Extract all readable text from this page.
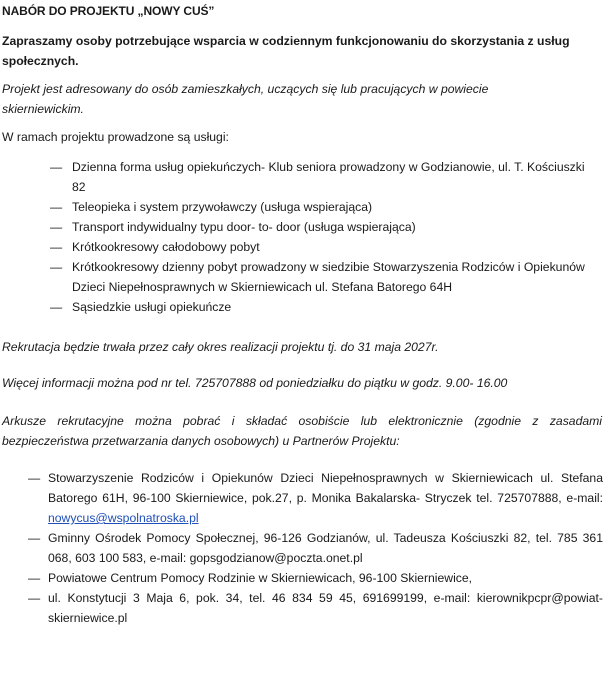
NABÓR DO PROJEKTU „NOWY CUŚ”
Zapraszamy osoby potrzebujące wsparcia w codziennym funkcjonowaniu do skorzystania z usług społecznych.
Projekt jest adresowany do osób zamieszkałych, uczących się lub pracujących w powiecie skierniewickim.
W ramach projektu prowadzone są usługi:
— Dzienna forma usług opiekuńczych- Klub seniora prowadzony w Godzianowie, ul. T. Kościuszki 82
— Teleopieka i system przywoławczy (usługa wspierająca)
— Transport indywidualny typu door- to- door (usługa wspierająca)
— Krótkookresowy całodobowy pobyt
— Krótkookresowy dzienny pobyt prowadzony w siedzibie Stowarzyszenia Rodziców i Opiekunów Dzieci Niepełnosprawnych w Skierniewicach ul. Stefana Batorego 64H
— Sąsiedzkie usługi opiekuńcze
Rekrutacja będzie trwała przez cały okres realizacji projektu tj. do 31 maja 2027r.
Więcej informacji można pod nr tel. 725707888 od poniedziałku do piątku w godz. 9.00- 16.00
Arkusze rekrutacyjne można pobrać i składać osobiście lub elektronicznie (zgodnie z zasadami bezpieczeństwa przetwarzania danych osobowych) u Partnerów Projektu:
— Stowarzyszenie Rodziców i Opiekunów Dzieci Niepełnosprawnych w Skierniewicach ul. Stefana Batorego 61H, 96-100 Skierniewice, pok.27, p. Monika Bakalarska- Stryczek tel. 725707888, e-mail: nowycus@wspolnatroska.pl
— Gminny Ośrodek Pomocy Społecznej, 96-126 Godzianów, ul. Tadeusza Kościuszki 82, tel. 785 361 068, 603 100 583, e-mail: gopsgodzianow@poczta.onet.pl
— Powiatowe Centrum Pomocy Rodzinie w Skierniewicach, 96-100 Skierniewice,
— ul. Konstytucji 3 Maja 6, pok. 34, tel. 46 834 59 45, 691699199, e-mail: kierownikpcpr@powiat-skierniewice.pl
